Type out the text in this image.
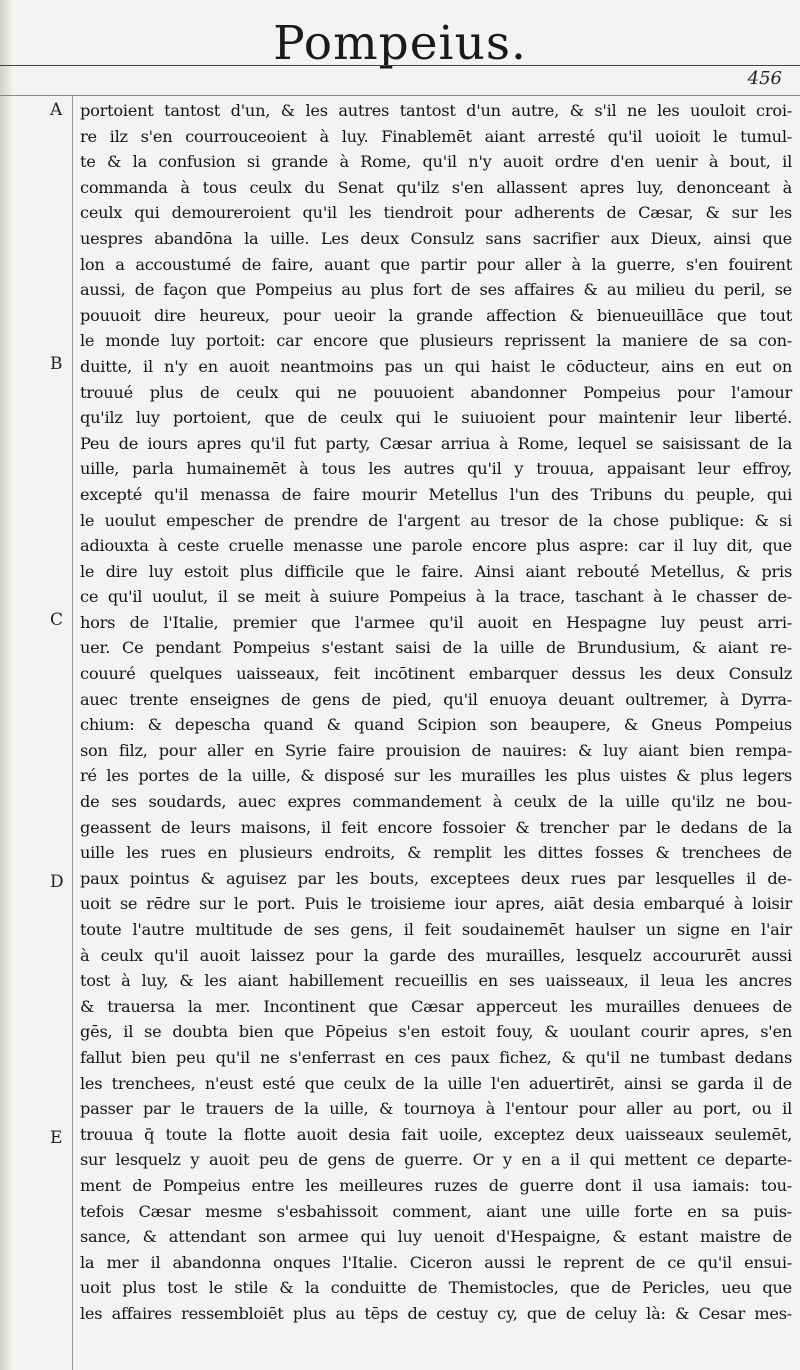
Pompeius.
456
A
B
C
D
E
portoient tantost d'un, & les autres tantost d'un autre, & s'il ne les uouloit croi-
re ilz s'en courrouceoient à luy. Finablemēt aiant arresté qu'il uoioit le tumul-
te & la confusion si grande à Rome, qu'il n'y auoit ordre d'en uenir à bout, il
commanda à tous ceulx du Senat qu'ilz s'en allassent apres luy, denonceant à
ceulx qui demoureroient qu'il les tiendroit pour adherents de Cæsar, & sur les
uespres abandōna la uille. Les deux Consulz sans sacrifier aux Dieux, ainsi que
lon a accoustumé de faire, auant que partir pour aller à la guerre, s'en fouirent
aussi, de façon que Pompeius au plus fort de ses affaires & au milieu du peril, se
pouuoit dire heureux, pour ueoir la grande affection & bienueuillāce que tout
le monde luy portoit: car encore que plusieurs reprissent la maniere de sa con-
duitte, il n'y en auoit neantmoins pas un qui haist le cōducteur, ains en eut on
trouué plus de ceulx qui ne pouuoient abandonner Pompeius pour l'amour
qu'ilz luy portoient, que de ceulx qui le suiuoient pour maintenir leur liberté.
Peu de iours apres qu'il fut party, Cæsar arriua à Rome, lequel se saisissant de la
uille, parla humainemēt à tous les autres qu'il y trouua, appaisant leur effroy,
excepté qu'il menassa de faire mourir Metellus l'un des Tribuns du peuple, qui
le uoulut empescher de prendre de l'argent au tresor de la chose publique: & si
adiouxta à ceste cruelle menasse une parole encore plus aspre: car il luy dit, que
le dire luy estoit plus difficile que le faire. Ainsi aiant rebouté Metellus, & pris
ce qu'il uoulut, il se meit à suiure Pompeius à la trace, taschant à le chasser de-
hors de l'Italie, premier que l'armee qu'il auoit en Hespagne luy peust arri-
uer. Ce pendant Pompeius s'estant saisi de la uille de Brundusium, & aiant re-
couuré quelques uaisseaux, feit incōtinent embarquer dessus les deux Consulz
auec trente enseignes de gens de pied, qu'il enuoya deuant oultremer, à Dyrra-
chium: & depescha quand & quand Scipion son beaupere, & Gneus Pompeius
son filz, pour aller en Syrie faire prouision de nauires: & luy aiant bien rempa-
ré les portes de la uille, & disposé sur les murailles les plus uistes & plus legers
de ses soudards, auec expres commandement à ceulx de la uille qu'ilz ne bou-
geassent de leurs maisons, il feit encore fossoier & trencher par le dedans de la
uille les rues en plusieurs endroits, & remplit les dittes fosses & trenchees de
paux pointus & aguisez par les bouts, exceptees deux rues par lesquelles il de-
uoit se rēdre sur le port. Puis le troisieme iour apres, aiāt desia embarqué à loisir
toute l'autre multitude de ses gens, il feit soudainemēt haulser un signe en l'air
à ceulx qu'il auoit laissez pour la garde des murailles, lesquelz accoururēt aussi
tost à luy, & les aiant habillement recueillis en ses uaisseaux, il leua les ancres
& trauersa la mer. Incontinent que Cæsar apperceut les murailles denuees de
gēs, il se doubta bien que Pōpeius s'en estoit fouy, & uoulant courir apres, s'en
fallut bien peu qu'il ne s'enferrast en ces paux fichez, & qu'il ne tumbast dedans
les trenchees, n'eust esté que ceulx de la uille l'en aduertirēt, ainsi se garda il de
passer par le trauers de la uille, & tournoya à l'entour pour aller au port, ou il
trouua q̄ toute la flotte auoit desia fait uoile, exceptez deux uaisseaux seulemēt,
sur lesquelz y auoit peu de gens de guerre. Or y en a il qui mettent ce departe-
ment de Pompeius entre les meilleures ruzes de guerre dont il usa iamais: tou-
tefois Cæsar mesme s'esbahissoit comment, aiant une uille forte en sa puis-
sance, & attendant son armee qui luy uenoit d'Hespaigne, & estant maistre de
la mer il abandonna onques l'Italie. Ciceron aussi le reprent de ce qu'il ensui-
uoit plus tost le stile & la conduitte de Themistocles, que de Pericles, ueu que
les affaires ressembloiēt plus au tēps de cestuy cy, que de celuy là: & Cesar mes-
